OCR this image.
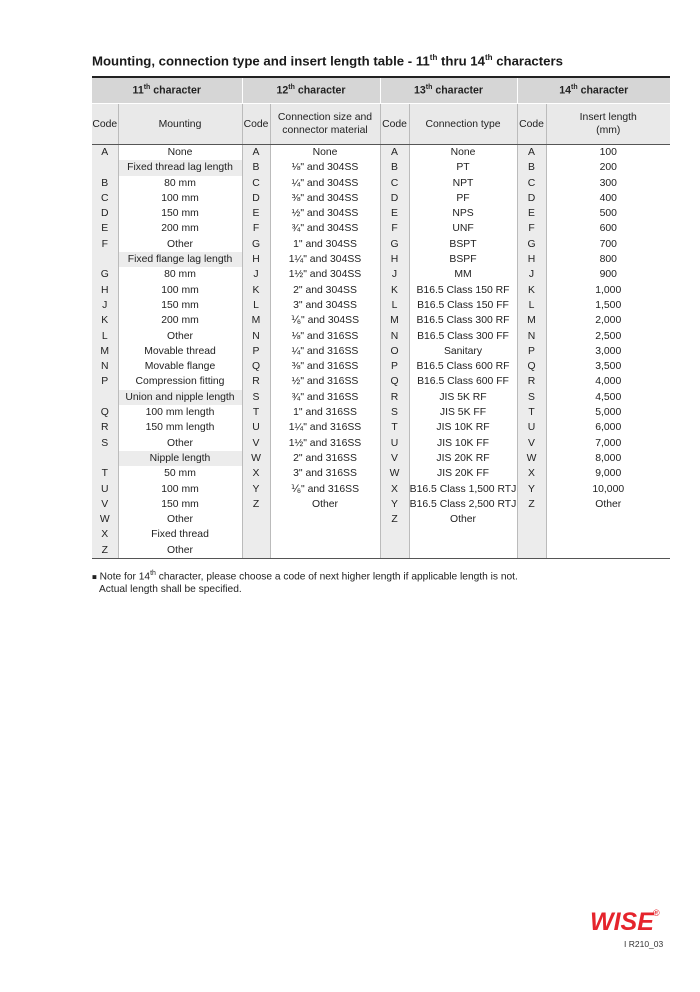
Mounting, connection type and insert length table - 11th thru 14th characters
11th character		12th character		13th character		14th character	
Code	Mounting	Code	Connection size and
connector material	Code	Connection type	Code	Insert length
(mm)
A	None	A	None	A	None	A	100
	Fixed thread lag length	B	⅛" and 304SS	B	PT	B	200
B	80 mm	C	¼" and 304SS	C	NPT	C	300
C	100 mm	D	⅜" and 304SS	D	PF	D	400
D	150 mm	E	½" and 304SS	E	NPS	E	500
E	200 mm	F	¾" and 304SS	F	UNF	F	600
F	Other	G	1" and 304SS	G	BSPT	G	700
	Fixed flange lag length	H	1¼" and 304SS	H	BSPF	H	800
G	80 mm	J	1½" and 304SS	J	MM	J	900
H	100 mm	K	2" and 304SS	K	B16.5 Class 150 RF	K	1,000
J	150 mm	L	3" and 304SS	L	B16.5 Class 150 FF	L	1,500
K	200 mm	M	⅟₆" and 304SS	M	B16.5 Class 300 RF	M	2,000
L	Other	N	⅛" and 316SS	N	B16.5 Class 300 FF	N	2,500
M	Movable thread	P	¼" and 316SS	O	Sanitary	P	3,000
N	Movable flange	Q	⅜" and 316SS	P	B16.5 Class 600 RF	Q	3,500
P	Compression fitting	R	½" and 316SS	Q	B16.5 Class 600 FF	R	4,000
	Union and nipple length	S	¾" and 316SS	R	JIS 5K RF	S	4,500
Q	100 mm length	T	1" and 316SS	S	JIS 5K FF	T	5,000
R	150 mm length	U	1¼" and 316SS	T	JIS 10K RF	U	6,000
S	Other	V	1½" and 316SS	U	JIS 10K FF	V	7,000
	Nipple length	W	2" and 316SS	V	JIS 20K RF	W	8,000
T	50 mm	X	3" and 316SS	W	JIS 20K FF	X	9,000
U	100 mm	Y	⅟₆" and 316SS	X	B16.5 Class 1,500 RTJ	Y	10,000
V	150 mm	Z	Other	Y	B16.5 Class 2,500 RTJ	Z	Other
W	Other			Z	Other		
X	Fixed thread						
Z	Other						

■ Note for 14th character, please choose a code of next higher length if applicable length is not.
Actual length shall be specified.

WISE ®
I R210_03
